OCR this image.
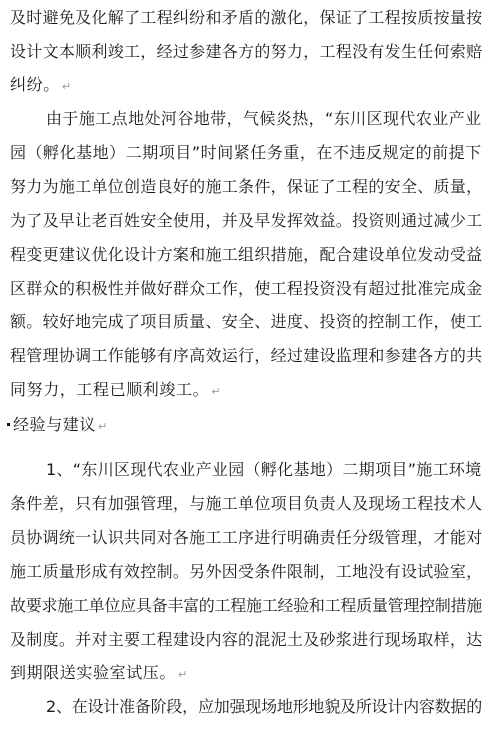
及时避免及化解了工程纠纷和矛盾的激化，保证了工程按质按量按
设计文本顺利竣工，经过参建各方的努力，工程没有发生任何索赔
纠纷。 ↵
由于施工点地处河谷地带，气候炎热，“东川区现代农业产业
园（孵化基地）二期项目”时间紧任务重，在不违反规定的前提下
努力为施工单位创造良好的施工条件，保证了工程的安全、质量，
为了及早让老百姓安全使用，并及早发挥效益。投资则通过减少工
程变更建议优化设计方案和施工组织措施，配合建设单位发动受益
区群众的积极性并做好群众工作，使工程投资没有超过批准完成金
额。较好地完成了项目质量、安全、进度、投资的控制工作，使工
程管理协调工作能够有序高效运行，经过建设监理和参建各方的共
同努力，工程已顺利竣工。 ↵
经验与建议 ↵
1、“东川区现代农业产业园（孵化基地）二期项目”施工环境
条件差，只有加强管理，与施工单位项目负责人及现场工程技术人
员协调统一认识共同对各施工工序进行明确责任分级管理，才能对
施工质量形成有效控制。另外因受条件限制，工地没有设试验室，
故要求施工单位应具备丰富的工程施工经验和工程质量管理控制措施
及制度。并对主要工程建设内容的混泥土及砂浆进行现场取样，达
到期限送实验室试压。 ↵
2、在设计准备阶段，应加强现场地形地貌及所设计内容数据的
